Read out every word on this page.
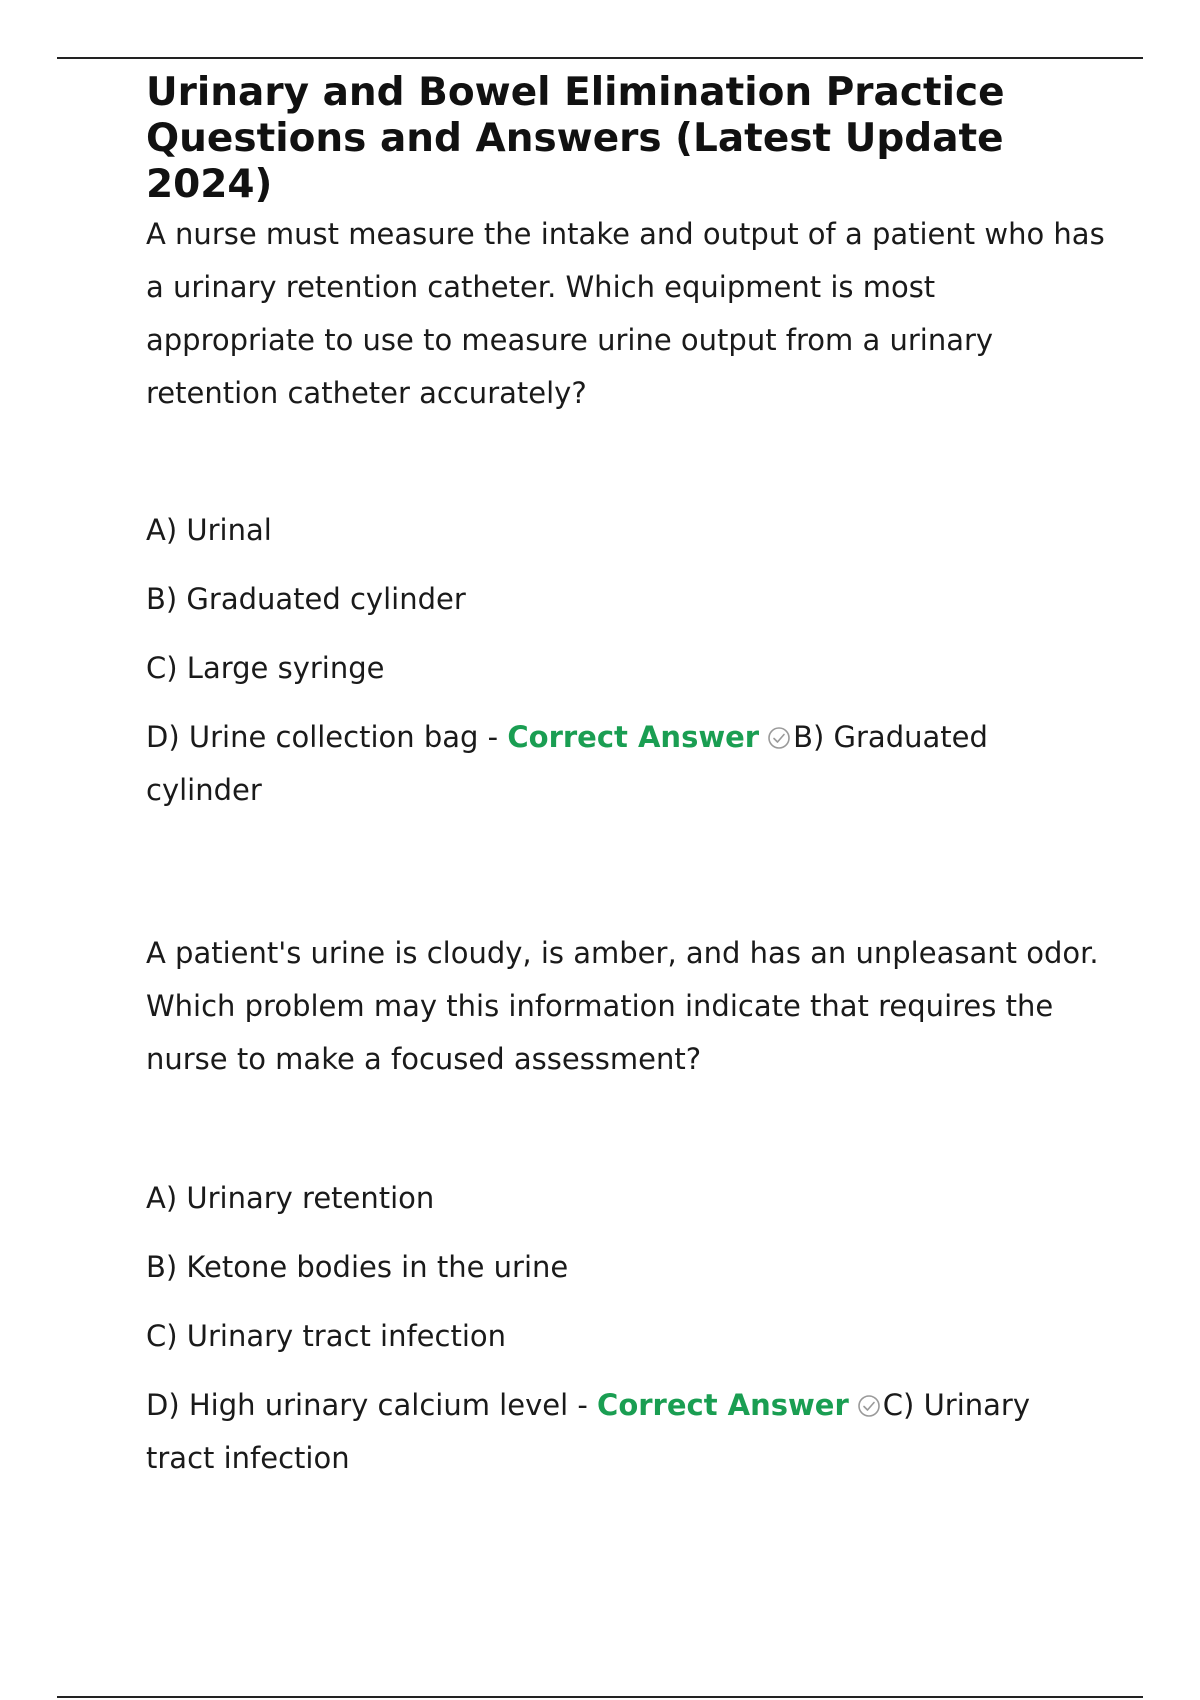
Urinary and Bowel Elimination Practice Questions and Answers (Latest Update 2024)

A nurse must measure the intake and output of a patient who has a urinary retention catheter. Which equipment is most appropriate to use to measure urine output from a urinary retention catheter accurately?

A) Urinal
B) Graduated cylinder
C) Large syringe
D) Urine collection bag - Correct Answer B) Graduated cylinder

A patient's urine is cloudy, is amber, and has an unpleasant odor. Which problem may this information indicate that requires the nurse to make a focused assessment?

A) Urinary retention
B) Ketone bodies in the urine
C) Urinary tract infection
D) High urinary calcium level - Correct Answer C) Urinary tract infection
